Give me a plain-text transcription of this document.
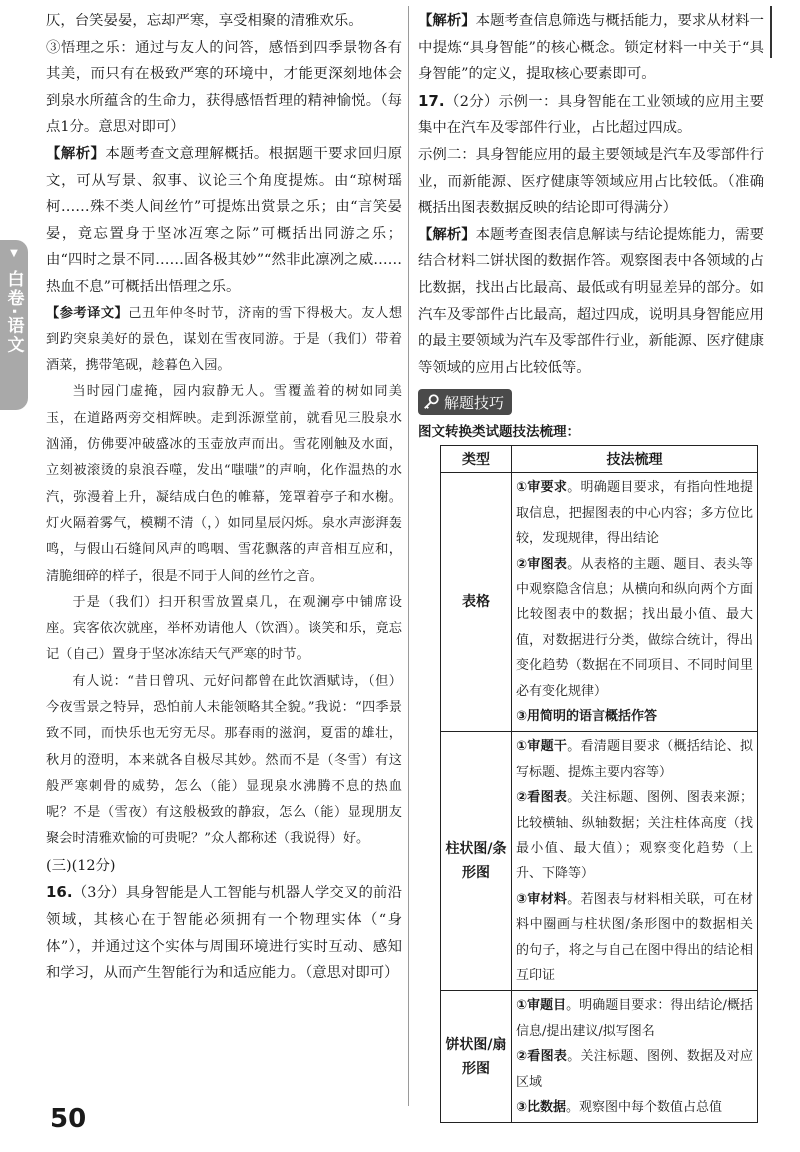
▼
白卷·语文

仄，台笑晏晏，忘却严寒，享受相聚的清雅欢乐。

③悟理之乐：通过与友人的问答，感悟到四季景物各有其美，而只有在极致严寒的环境中，才能更深刻地体会到泉水所蕴含的生命力，获得感悟哲理的精神愉悦。（每点1分。意思对即可）

【解析】本题考查文意理解概括。根据题干要求回归原文，可从写景、叙事、议论三个角度提炼。由“琼树瑶柯……殊不类人间丝竹”可提炼出赏景之乐；由“言笑晏晏，竟忘置身于坚冰冱寒之际”可概括出同游之乐；由“四时之景不同……固各极其妙”“然非此凛冽之威……热血不息”可概括出悟理之乐。

【参考译文】己丑年仲冬时节，济南的雪下得极大。友人想到趵突泉美好的景色，谋划在雪夜同游。于是（我们）带着酒菜，携带笔砚，趁暮色入园。

当时园门虚掩，园内寂静无人。雪覆盖着的树如同美玉，在道路两旁交相辉映。走到泺源堂前，就看见三股泉水汹涌，仿佛要冲破盛冰的玉壶放声而出。雪花刚触及水面，立刻被滚烫的泉浪吞噬，发出“嗤嗤”的声响，化作温热的水汽，弥漫着上升，凝结成白色的帷幕，笼罩着亭子和水榭。灯火隔着雾气，模糊不清（，）如同星辰闪烁。泉水声澎湃轰鸣，与假山石缝间风声的鸣咽、雪花飘落的声音相互应和，清脆细碎的样子，很是不同于人间的丝竹之音。

于是（我们）扫开积雪放置桌几，在观澜亭中铺席设座。宾客依次就座，举杯劝请他人（饮酒）。谈笑和乐，竟忘记（自己）置身于坚冰冻结天气严寒的时节。

有人说：“昔日曾巩、元好问都曾在此饮酒赋诗，（但）今夜雪景之特异，恐怕前人未能领略其全貌。”我说：“四季景致不同，而快乐也无穷无尽。那春雨的滋润，夏雷的雄壮，秋月的澄明，本来就各自极尽其妙。然而不是（冬雪）有这般严寒刺骨的威势，怎么（能）显现泉水沸腾不息的热血呢？不是（雪夜）有这般极致的静寂，怎么（能）显现朋友聚会时清雅欢愉的可贵呢？”众人都称述（我说得）好。

(三)(12分)

16.（3分）具身智能是人工智能与机器人学交叉的前沿领域，其核心在于智能必须拥有一个物理实体（“身体”），并通过这个实体与周围环境进行实时互动、感知和学习，从而产生智能行为和适应能力。（意思对即可）

【解析】本题考查信息筛选与概括能力，要求从材料一中提炼“具身智能”的核心概念。锁定材料一中关于“具身智能”的定义，提取核心要素即可。

17.（2分）示例一：具身智能在工业领域的应用主要集中在汽车及零部件行业，占比超过四成。

示例二：具身智能应用的最主要领域是汽车及零部件行业，而新能源、医疗健康等领域应用占比较低。（准确概括出图表数据反映的结论即可得满分）

【解析】本题考查图表信息解读与结论提炼能力，需要结合材料二饼状图的数据作答。观察图表中各领域的占比数据，找出占比最高、最低或有明显差异的部分。如汽车及零部件占比最高，超过四成，说明具身智能应用的最主要领域为汽车及零部件行业，新能源、医疗健康等领域的应用占比较低等。

解题技巧

图文转换类试题技法梳理：

类型	技法梳理
表格	①审要求。明确题目要求，有指向性地提取信息，把握图表的中心内容；多方位比较，发现规律，得出结论

②审图表。从表格的主题、题目、表头等中观察隐含信息；从横向和纵向两个方面比较图表中的数据；找出最小值、最大值，对数据进行分类，做综合统计，得出变化趋势（数据在不同项目、不同时间里必有变化规律）

③用简明的语言概括作答

柱状图/条形图	①审题干。看清题目要求（概括结论、拟写标题、提炼主要内容等）

②看图表。关注标题、图例、图表来源；比较横轴、纵轴数据；关注柱体高度（找最小值、最大值）；观察变化趋势（上升、下降等）

③审材料。若图表与材料相关联，可在材料中圈画与柱状图/条形图中的数据相关的句子，将之与自己在图中得出的结论相互印证

饼状图/扇形图	①审题目。明确题目要求：得出结论/概括信息/提出建议/拟写图名

②看图表。关注标题、图例、数据及对应区域

③比数据。观察图中每个数值占总值

50
